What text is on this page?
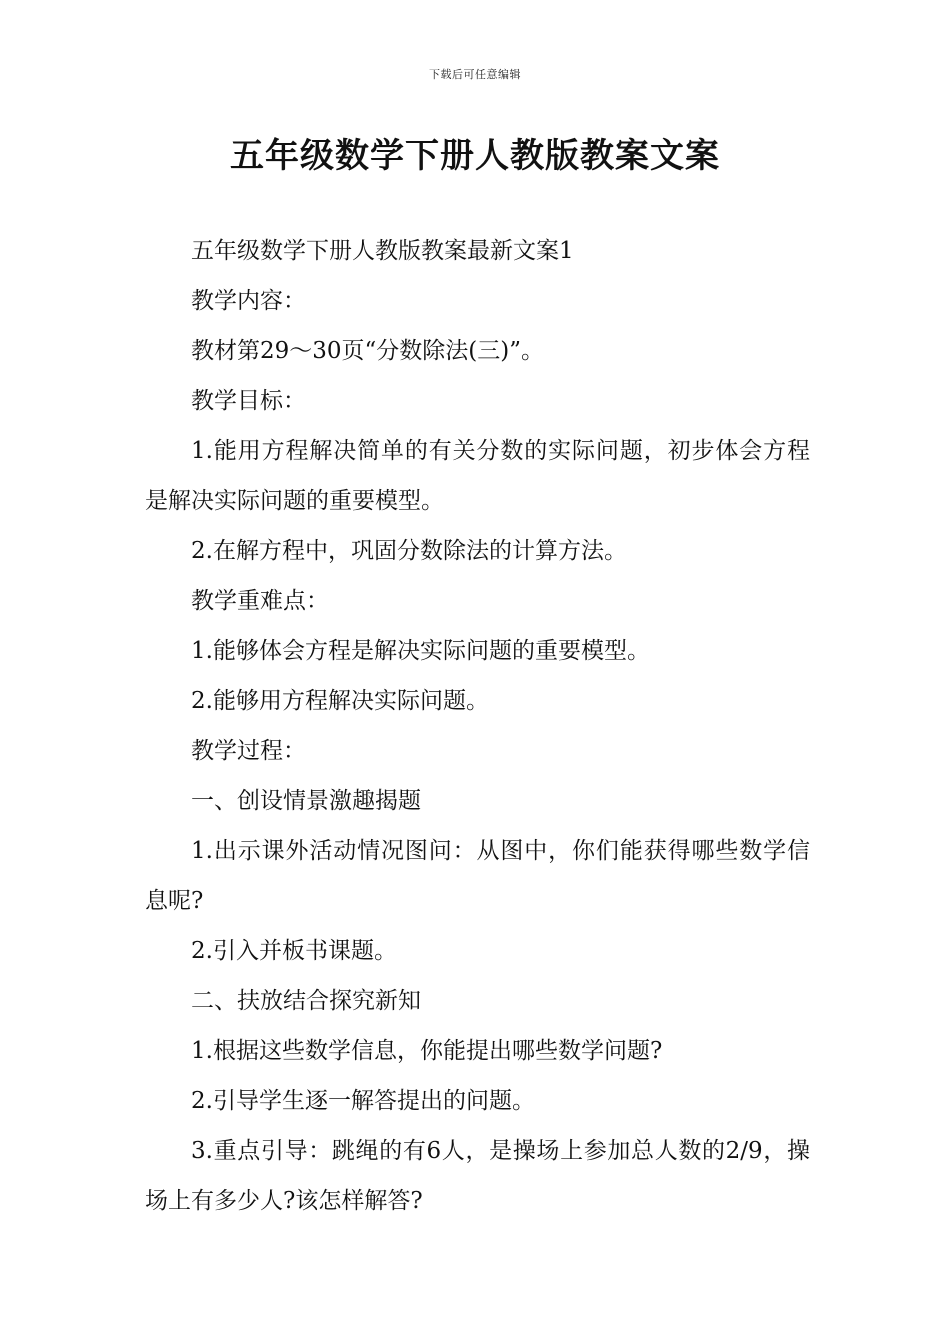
下载后可任意编辑
五年级数学下册人教版教案文案

五年级数学下册人教版教案最新文案1

教学内容：

教材第29～30页“分数除法(三)”。

教学目标：

1.能用方程解决简单的有关分数的实际问题，初步体会方程是解决实际问题的重要模型。

2.在解方程中，巩固分数除法的计算方法。

教学重难点：

1.能够体会方程是解决实际问题的重要模型。

2.能够用方程解决实际问题。

教学过程：

一、创设情景激趣揭题

1.出示课外活动情况图问：从图中，你们能获得哪些数学信息呢?

2.引入并板书课题。

二、扶放结合探究新知

1.根据这些数学信息，你能提出哪些数学问题?

2.引导学生逐一解答提出的问题。

3.重点引导：跳绳的有6人，是操场上参加总人数的2/9，操场上有多少人?该怎样解答?
